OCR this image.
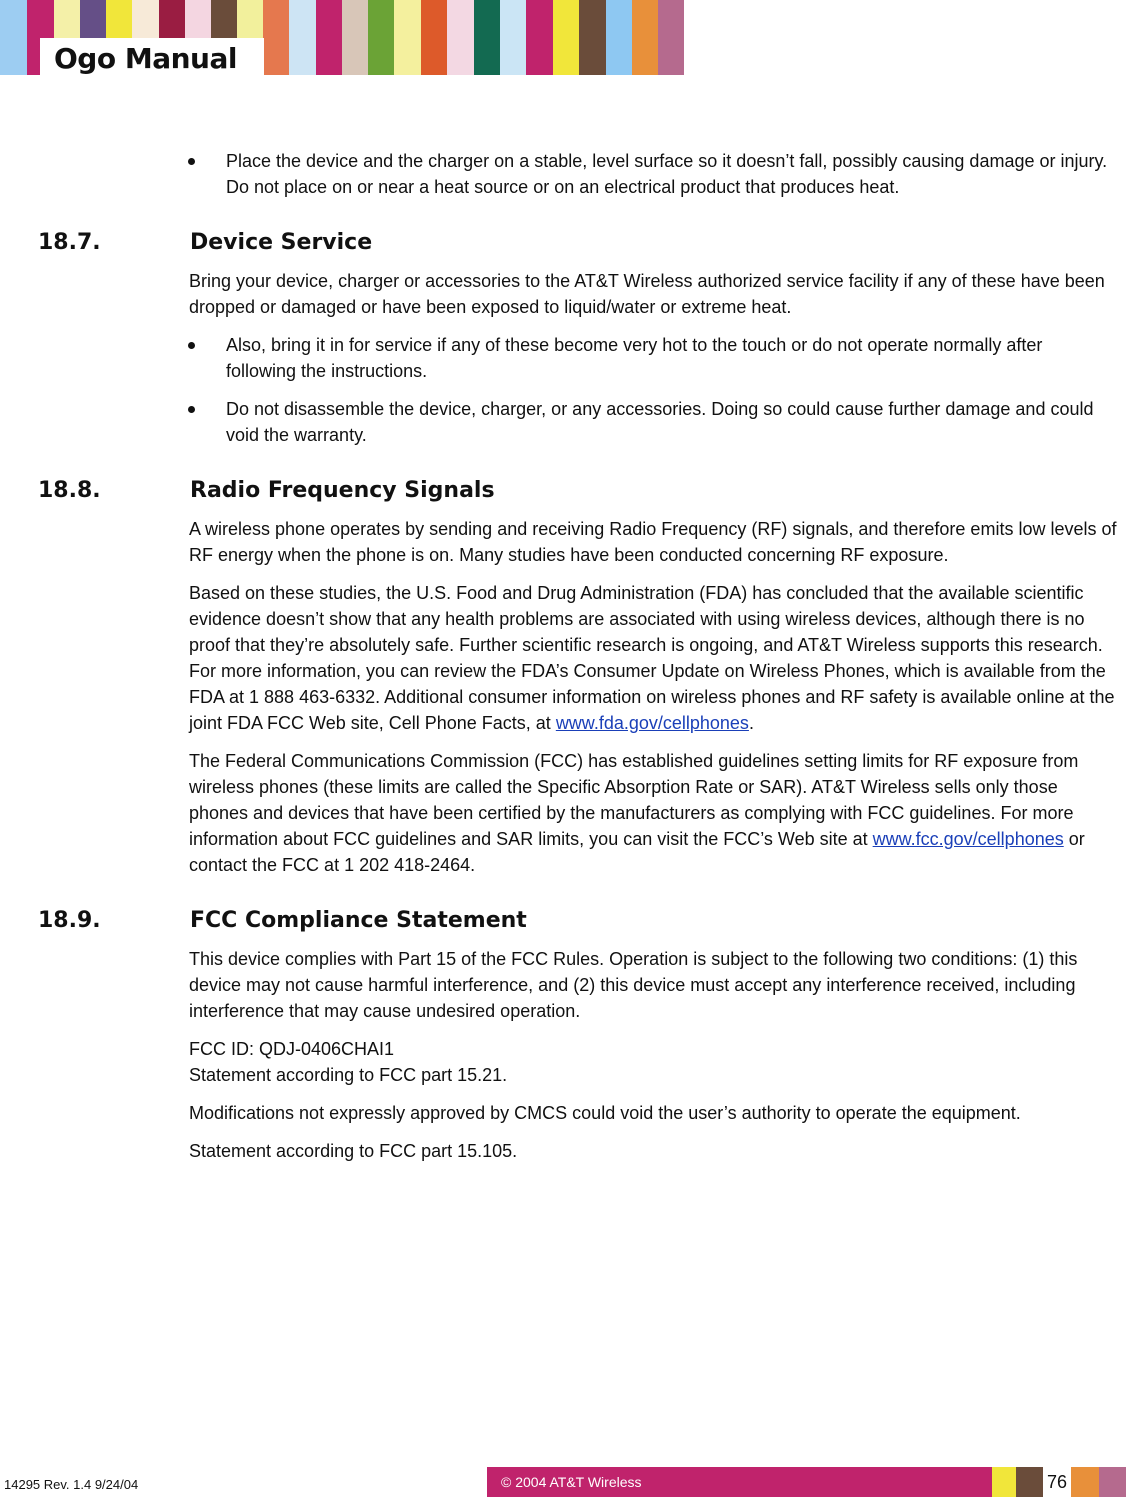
Ogo Manual
Place the device and the charger on a stable, level surface so it doesn’t fall, possibly causing damage or injury. Do not place on or near a heat source or on an electrical product that produces heat.
18.7.	Device Service
Bring your device, charger or accessories to the AT&T Wireless authorized service facility if any of these have been dropped or damaged or have been exposed to liquid/water or extreme heat.
Also, bring it in for service if any of these become very hot to the touch or do not operate normally after following the instructions.
Do not disassemble the device, charger, or any accessories. Doing so could cause further damage and could void the warranty.
18.8.	Radio Frequency Signals
A wireless phone operates by sending and receiving Radio Frequency (RF) signals, and therefore emits low levels of RF energy when the phone is on. Many studies have been conducted concerning RF exposure.
Based on these studies, the U.S. Food and Drug Administration (FDA) has concluded that the available scientific evidence doesn’t show that any health problems are associated with using wireless devices, although there is no proof that they’re absolutely safe. Further scientific research is ongoing, and AT&T Wireless supports this research. For more information, you can review the FDA’s Consumer Update on Wireless Phones, which is available from the FDA at 1 888 463-6332. Additional consumer information on wireless phones and RF safety is available online at the joint FDA FCC Web site, Cell Phone Facts, at www.fda.gov/cellphones.
The Federal Communications Commission (FCC) has established guidelines setting limits for RF exposure from wireless phones (these limits are called the Specific Absorption Rate or SAR). AT&T Wireless sells only those phones and devices that have been certified by the manufacturers as complying with FCC guidelines. For more information about FCC guidelines and SAR limits, you can visit the FCC’s Web site at www.fcc.gov/cellphones or contact the FCC at 1 202 418-2464.
18.9.	FCC Compliance Statement
This device complies with Part 15 of the FCC Rules. Operation is subject to the following two conditions: (1) this device may not cause harmful interference, and (2) this device must accept any interference received, including interference that may cause undesired operation.
FCC ID: QDJ-0406CHAI1
Statement according to FCC part 15.21.
Modifications not expressly approved by CMCS could void the user’s authority to operate the equipment.
Statement according to FCC part 15.105.
14295 Rev. 1.4 9/24/04	© 2004 AT&T Wireless	76
